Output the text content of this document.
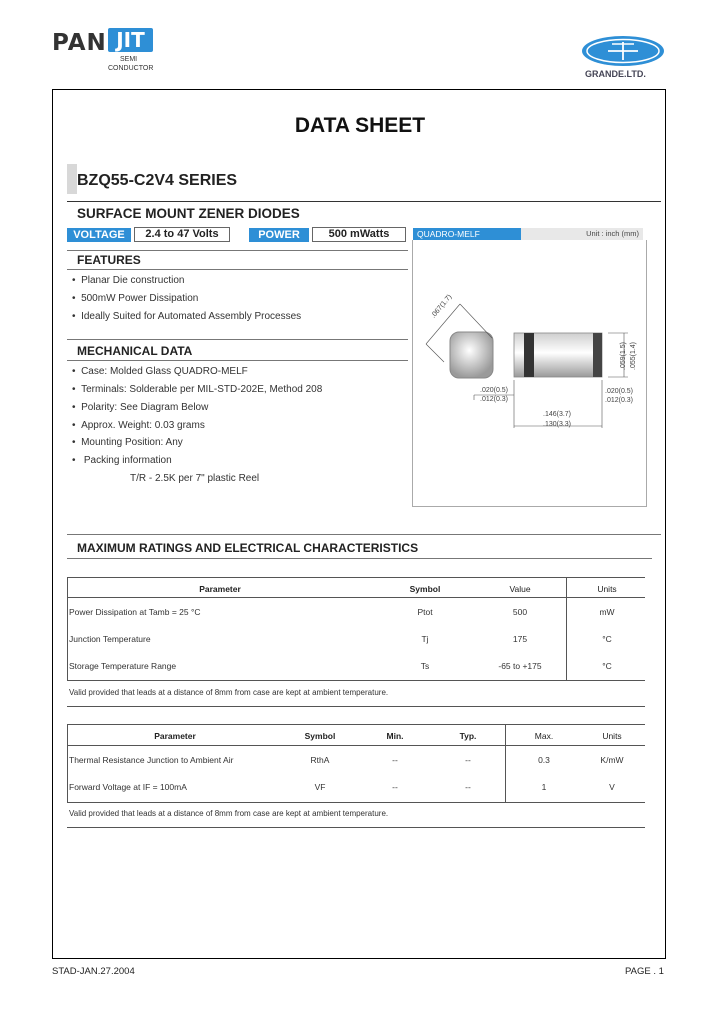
PAN JIT
SEMI
CONDUCTOR
GRANDE.LTD.
DATA SHEET
BZQ55-C2V4 SERIES
SURFACE MOUNT ZENER DIODES
VOLTAGE	2.4 to 47 Volts	POWER	500 mWatts
FEATURES
•  Planar Die construction
•  500mW Power Dissipation
•  Ideally Suited for Automated Assembly Processes
MECHANICAL DATA
•  Case: Molded Glass QUADRO-MELF
•  Terminals: Solderable per MIL-STD-202E, Method 208
•  Polarity: See Diagram Below
•  Approx. Weight: 0.03 grams
•  Mounting Position: Any
•   Packing information
T/R - 2.5K per 7" plastic Reel
QUADRO-MELF	Unit : inch (mm)
.067(1.7)
.020(0.5)
.012(0.3)
.059(1.5) .055(1.4)
.020(0.5)
.012(0.3)
.146(3.7)
.130(3.3)
MAXIMUM RATINGS AND ELECTRICAL CHARACTERISTICS
Parameter	Symbol	Value	Units
Power Dissipation at Tamb = 25 °C	Ptot	500	mW
Junction Temperature	Tj	175	°C
Storage Temperature Range	Ts	-65 to +175	°C
Valid provided that leads at a distance of 8mm from case are kept at ambient temperature.
Parameter	Symbol	Min.	Typ.	Max.	Units
Thermal Resistance Junction to Ambient Air	RthA	--	--	0.3	K/mW
Forward Voltage at IF = 100mA	VF	--	--	1	V
Valid provided that leads at a distance of 8mm from case are kept at ambient temperature.
STAD-JAN.27.2004	PAGE . 1
